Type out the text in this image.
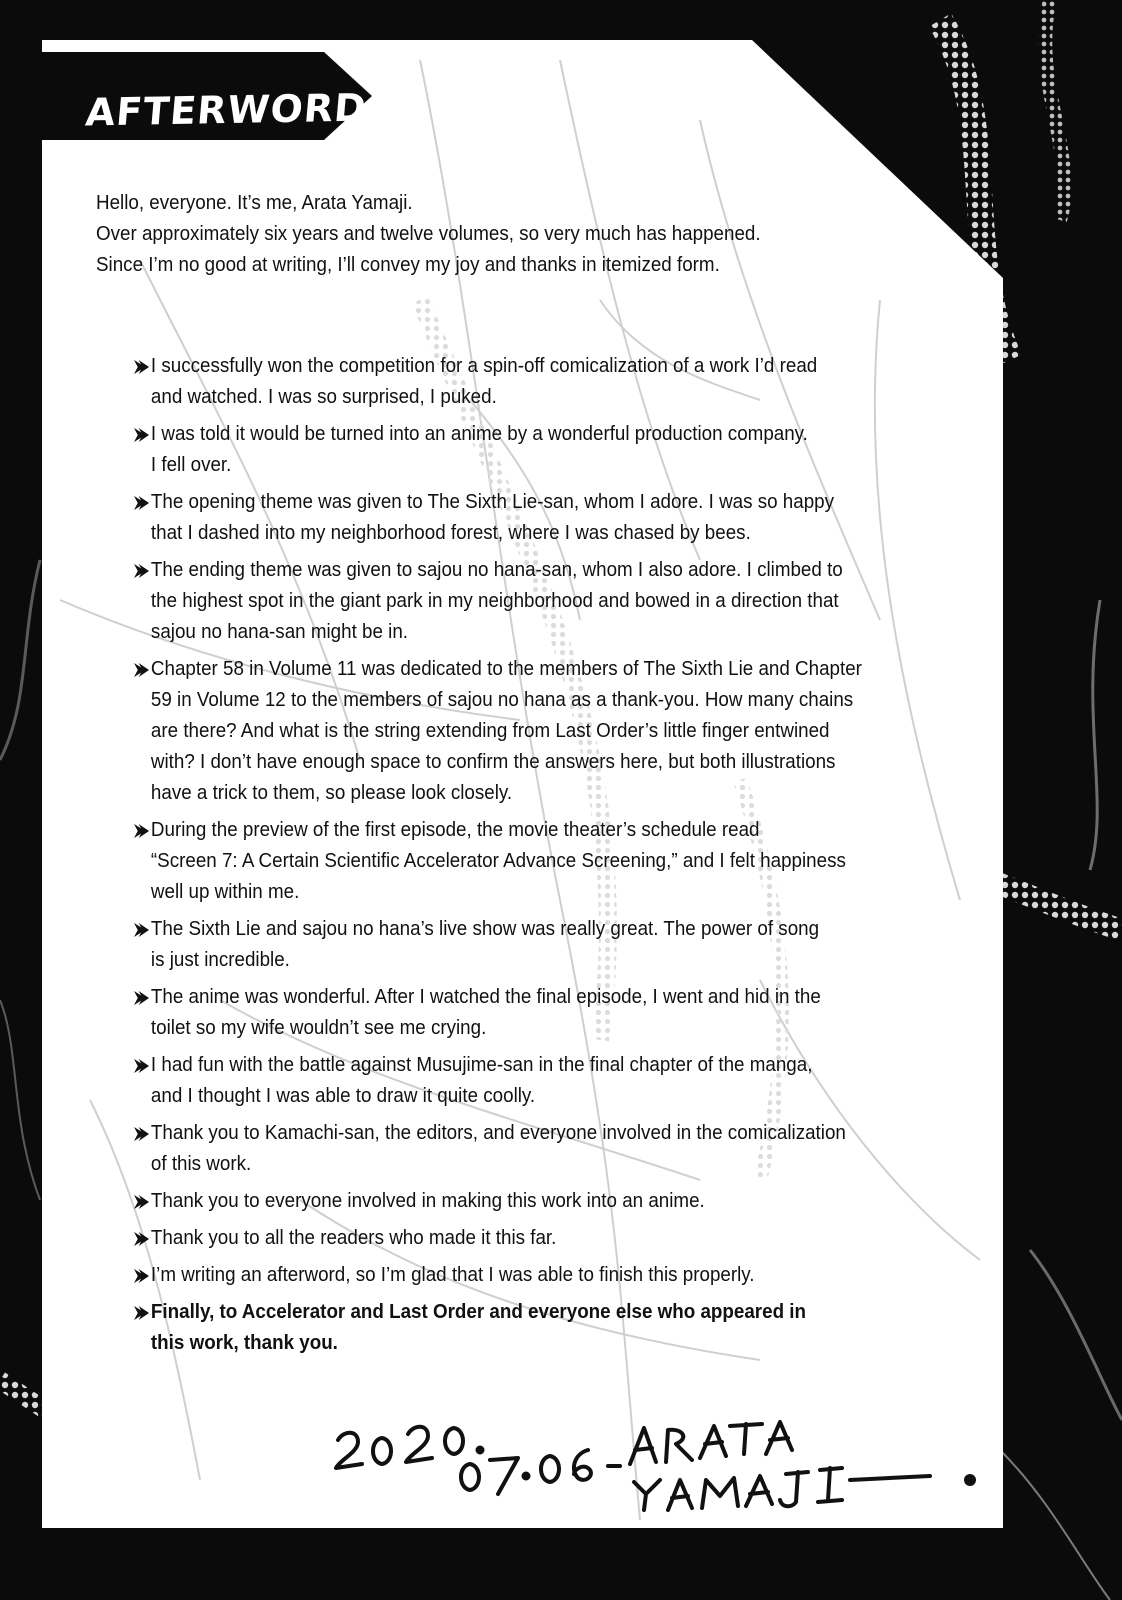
AFTERWORD
Hello, everyone. It’s me, Arata Yamaji.
Over approximately six years and twelve volumes, so very much has happened.
Since I’m no good at writing, I’ll convey my joy and thanks in itemized form.
I successfully won the competition for a spin-off comicalization of a work I’d read
and watched. I was so surprised, I puked.
I was told it would be turned into an anime by a wonderful production company.
I fell over.
The opening theme was given to The Sixth Lie-san, whom I adore. I was so happy
that I dashed into my neighborhood forest, where I was chased by bees.
The ending theme was given to sajou no hana-san, whom I also adore. I climbed to
the highest spot in the giant park in my neighborhood and bowed in a direction that
sajou no hana-san might be in.
Chapter 58 in Volume 11 was dedicated to the members of The Sixth Lie and Chapter
59 in Volume 12 to the members of sajou no hana as a thank-you. How many chains
are there? And what is the string extending from Last Order’s little finger entwined
with? I don’t have enough space to confirm the answers here, but both illustrations
have a trick to them, so please look closely.
During the preview of the first episode, the movie theater’s schedule read
“Screen 7: A Certain Scientific Accelerator Advance Screening,” and I felt happiness
well up within me.
The Sixth Lie and sajou no hana’s live show was really great. The power of song
is just incredible.
The anime was wonderful. After I watched the final episode, I went and hid in the
toilet so my wife wouldn’t see me crying.
I had fun with the battle against Musujime-san in the final chapter of the manga,
and I thought I was able to draw it quite coolly.
Thank you to Kamachi-san, the editors, and everyone involved in the comicalization
of this work.
Thank you to everyone involved in making this work into an anime.
Thank you to all the readers who made it this far.
I’m writing an afterword, so I’m glad that I was able to finish this properly.
Finally, to Accelerator and Last Order and everyone else who appeared in
this work, thank you.
